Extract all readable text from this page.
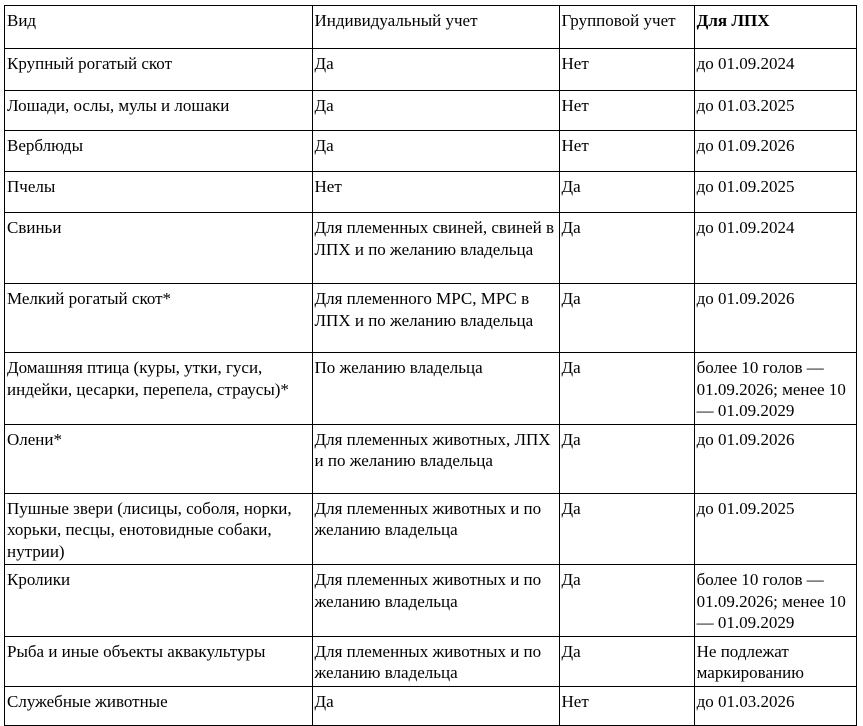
Вид	Индивидуальный учет	Групповой учет	Для ЛПХ
Крупный рогатый скот	Да	Нет	до 01.09.2024
Лошади, ослы, мулы и лошаки	Да	Нет	до 01.03.2025
Верблюды	Да	Нет	до 01.09.2026
Пчелы	Нет	Да	до 01.09.2025
Свиньи	Для племенных свиней, свиней в ЛПХ и по желанию владельца	Да	до 01.09.2024
Мелкий рогатый скот*	Для племенного МРС, МРС в ЛПХ и по желанию владельца	Да	до 01.09.2026
Домашняя птица (куры, утки, гуси, индейки, цесарки, перепела, страусы)*	По желанию владельца	Да	более 10 голов — 01.09.2026; менее 10 — 01.09.2029
Олени*	Для племенных животных, ЛПХ и по желанию владельца	Да	до 01.09.2026
Пушные звери (лисицы, соболя, норки, хорьки, песцы, енотовидные собаки, нутрии)	Для племенных животных и по желанию владельца	Да	до 01.09.2025
Кролики	Для племенных животных и по желанию владельца	Да	более 10 голов — 01.09.2026; менее 10 — 01.09.2029
Рыба и иные объекты аквакультуры	Для племенных животных и по желанию владельца	Да	Не подлежат маркированию
Служебные животные	Да	Нет	до 01.03.2026
